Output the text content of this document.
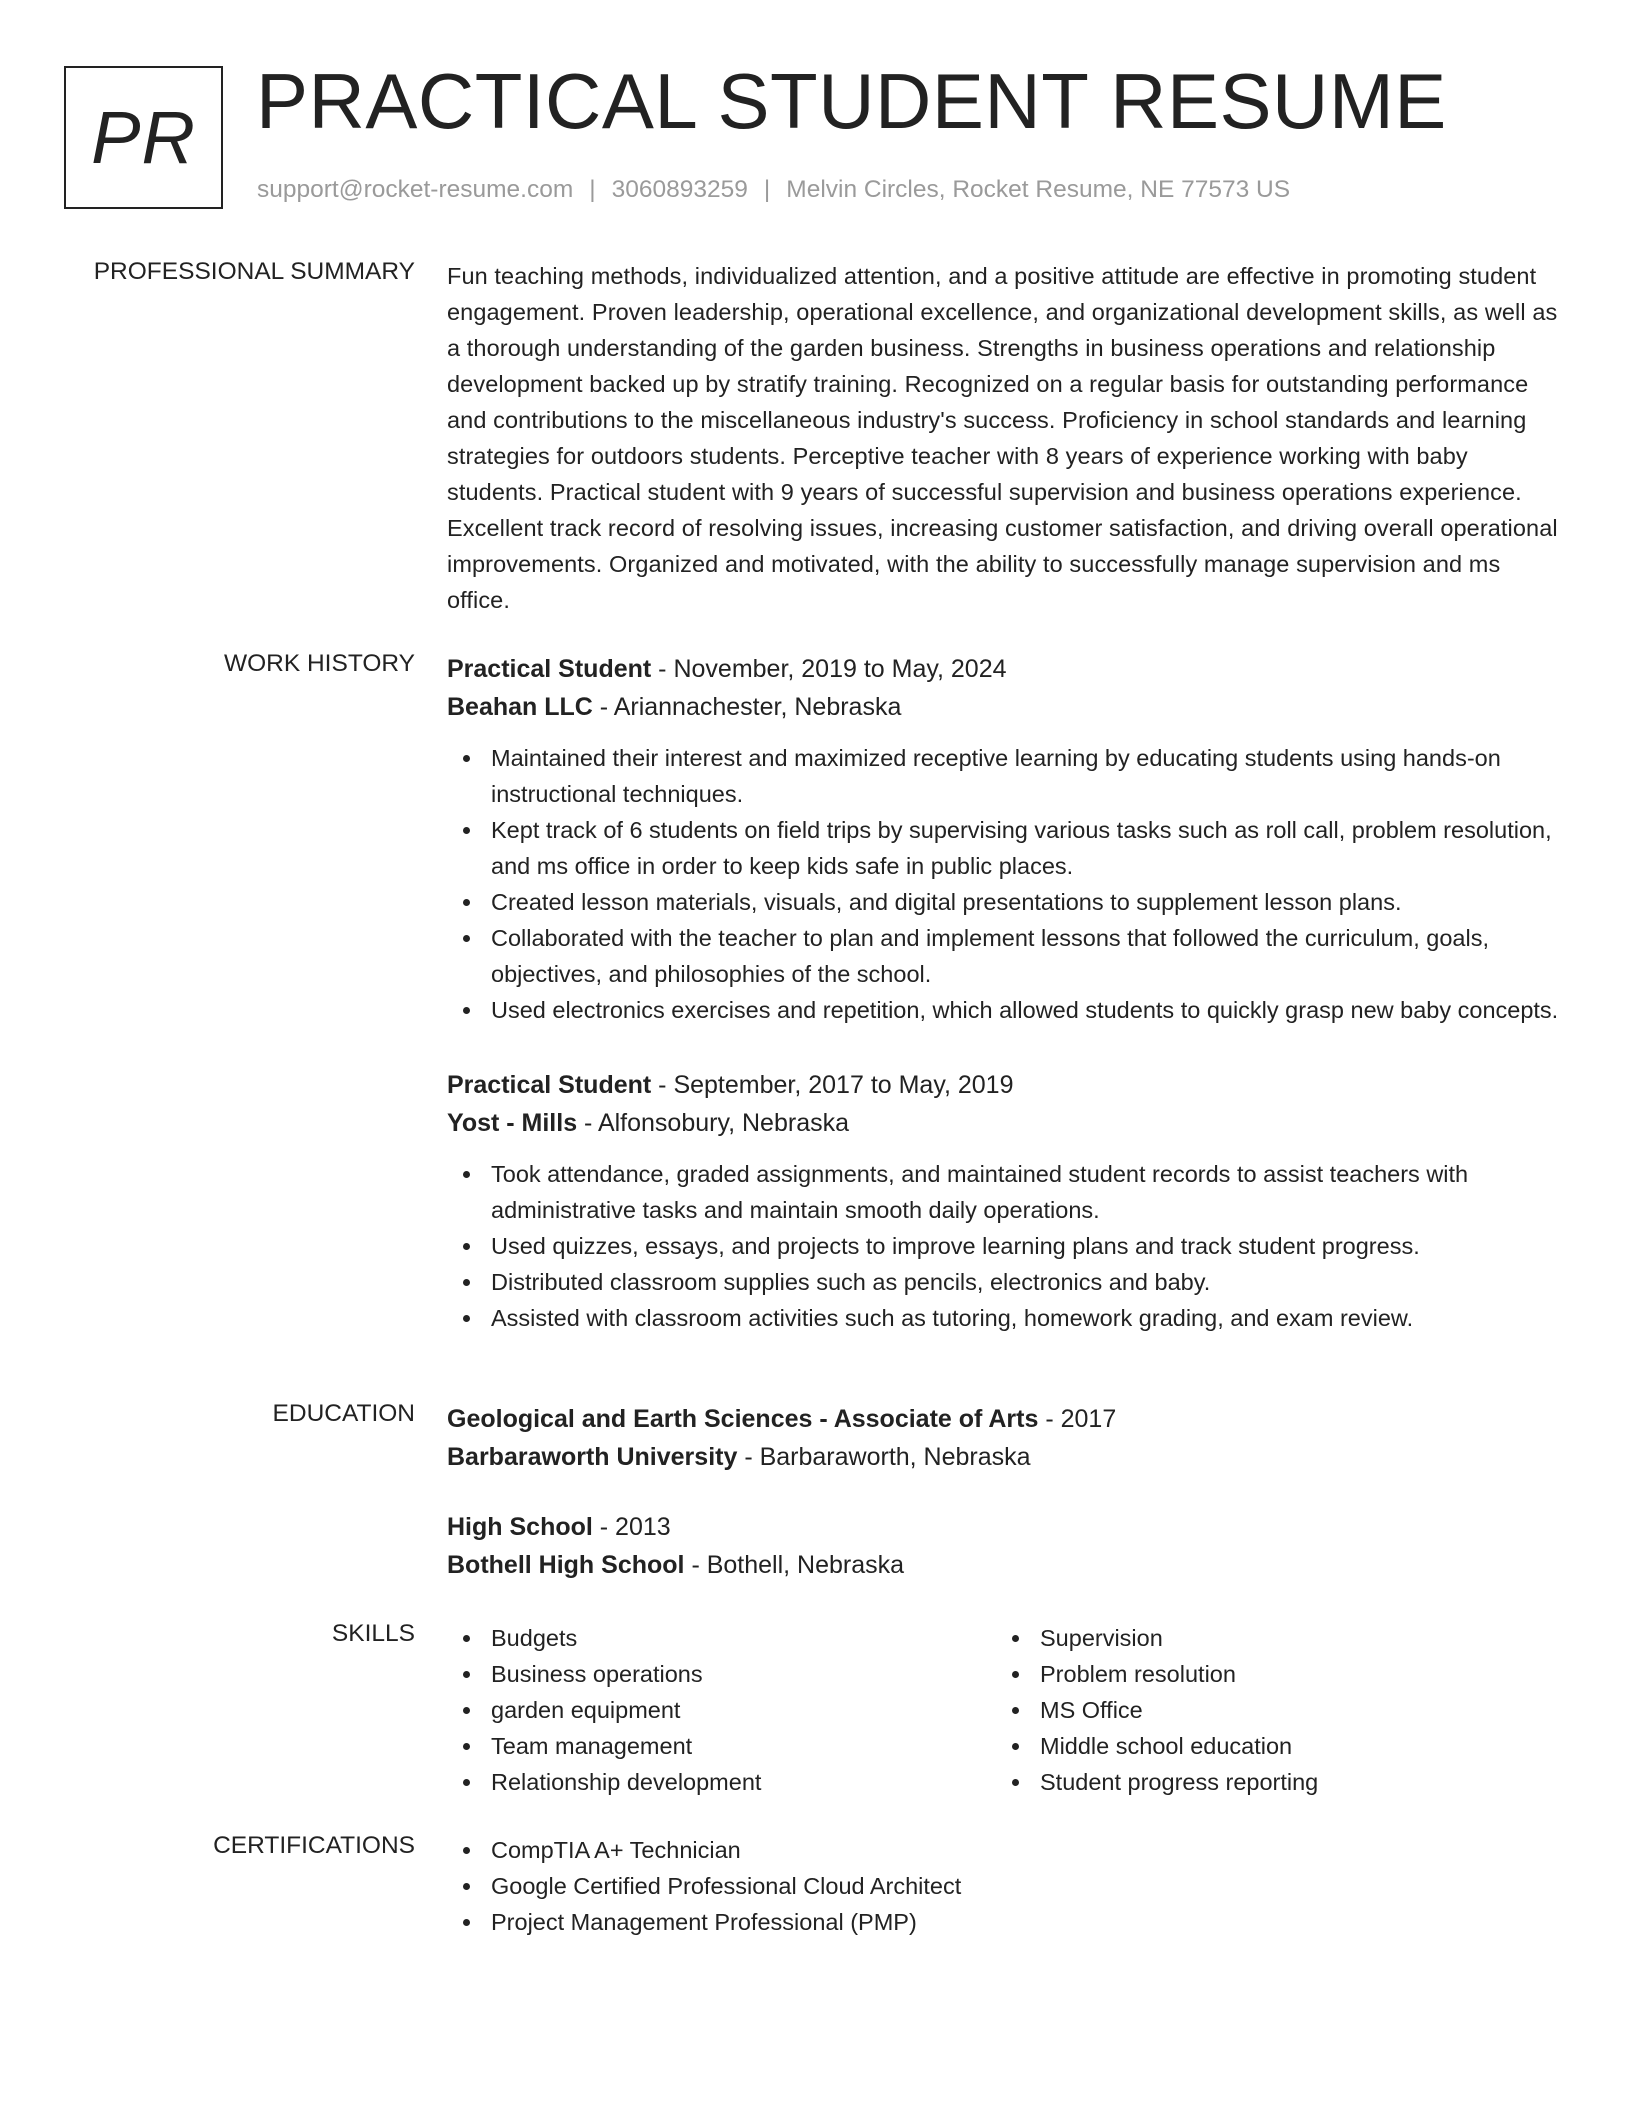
PR PRACTICAL STUDENT RESUME
support@rocket-resume.com | 3060893259 | Melvin Circles, Rocket Resume, NE 77573 US
PROFESSIONAL SUMMARY Fun teaching methods, individualized attention, and a positive attitude are effective in promoting student engagement. Proven leadership, operational excellence, and organizational development skills, as well as a thorough understanding of the garden business. Strengths in business operations and relationship development backed up by stratify training. Recognized on a regular basis for outstanding performance and contributions to the miscellaneous industry's success. Proficiency in school standards and learning strategies for outdoors students. Perceptive teacher with 8 years of experience working with baby students. Practical student with 9 years of successful supervision and business operations experience. Excellent track record of resolving issues, increasing customer satisfaction, and driving overall operational improvements. Organized and motivated, with the ability to successfully manage supervision and ms office.
WORK HISTORY Practical Student - November, 2019 to May, 2024
Beahan LLC - Ariannachester, Nebraska
Maintained their interest and maximized receptive learning by educating students using hands-on instructional techniques.
Kept track of 6 students on field trips by supervising various tasks such as roll call, problem resolution, and ms office in order to keep kids safe in public places.
Created lesson materials, visuals, and digital presentations to supplement lesson plans.
Collaborated with the teacher to plan and implement lessons that followed the curriculum, goals, objectives, and philosophies of the school.
Used electronics exercises and repetition, which allowed students to quickly grasp new baby concepts.
Practical Student - September, 2017 to May, 2019
Yost - Mills - Alfonsobury, Nebraska
Took attendance, graded assignments, and maintained student records to assist teachers with administrative tasks and maintain smooth daily operations.
Used quizzes, essays, and projects to improve learning plans and track student progress.
Distributed classroom supplies such as pencils, electronics and baby.
Assisted with classroom activities such as tutoring, homework grading, and exam review.
EDUCATION Geological and Earth Sciences - Associate of Arts - 2017
Barbaraworth University - Barbaraworth, Nebraska
High School - 2013
Bothell High School - Bothell, Nebraska
SKILLS	Budgets
Business operations
garden equipment
Team management
Relationship development
Supervision
Problem resolution
MS Office
Middle school education
Student progress reporting
CERTIFICATIONS	CompTIA A+ Technician
Google Certified Professional Cloud Architect
Project Management Professional (PMP)
